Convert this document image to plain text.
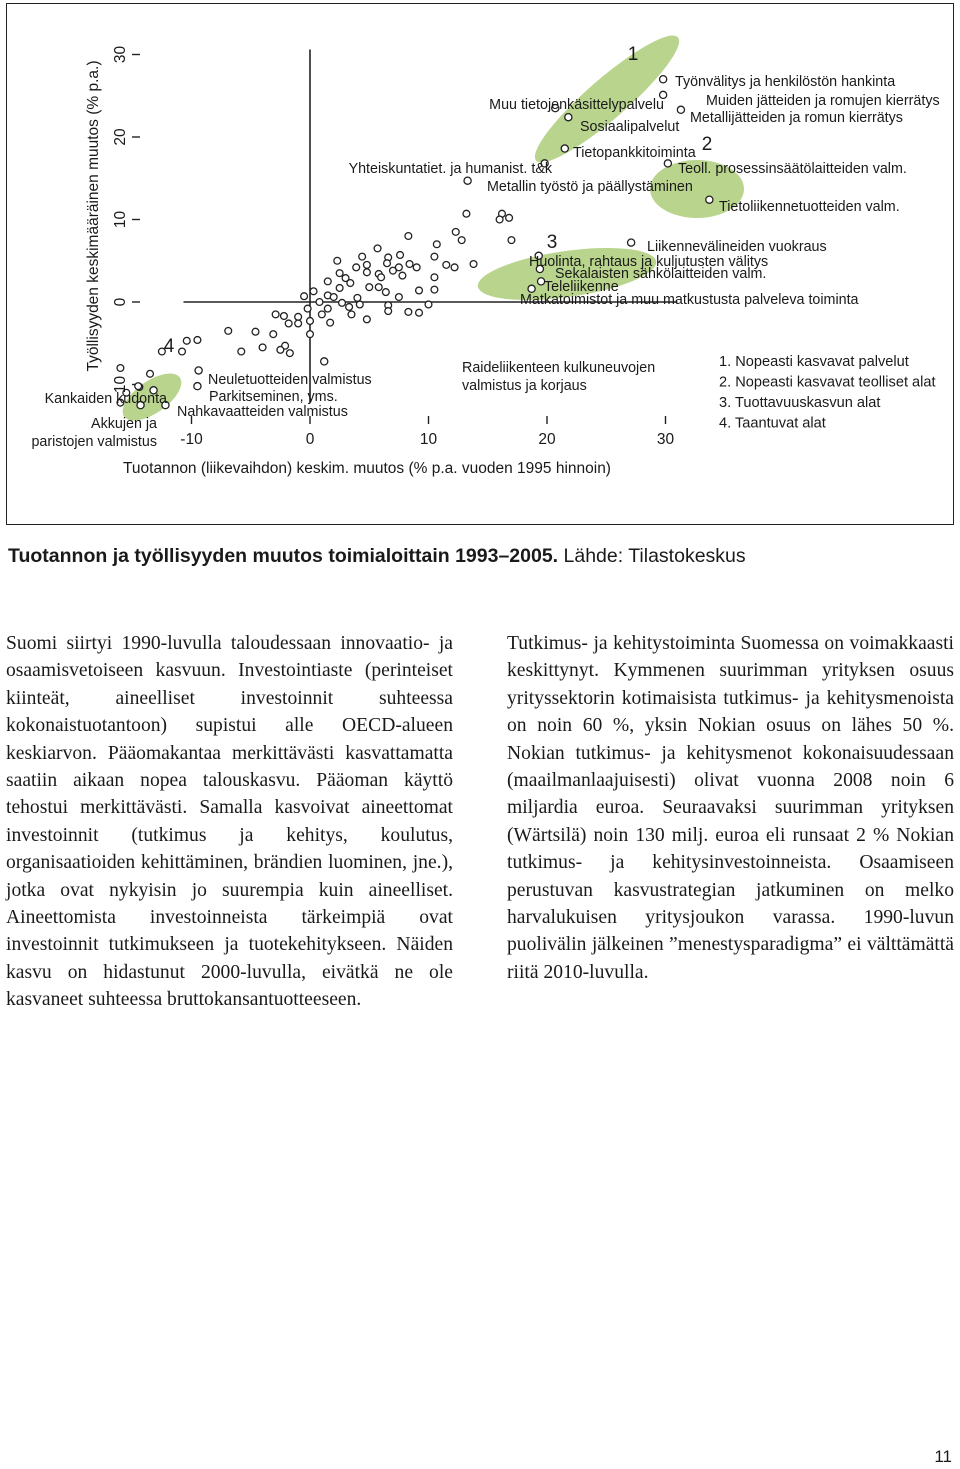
1
2
3
4
-10	0	10	20	30
10
0
10
20
30
Tuotannon (liikevaihdon) keskim. muutos (% p.a. vuoden 1995 hinnoin)
Työllisyyden keskimääräinen muutos (% p.a.)	Työnvälitys ja henkilöstön hankinta
Muiden jätteiden ja romujen kierrätys
Metallijätteiden ja romun kierrätys
Muu tietojenkäsittelypalvelu
Sosiaalipalvelut
Tietopankkitoiminta
Yhteiskuntatiet. ja humanist. t&k	Teoll. prosessinsäätölaitteiden valm.
Metallin työstö ja päällystäminen
Tietoliikennetuotteiden valm.
Liikennevälineiden vuokraus
Huolinta, rahtaus ja kuljutusten välitys
Sekalaisten sähkölaitteiden valm.
Teleliikenne
Matkatoimistot ja muu matkustusta palveleva toiminta
Raideliikenteen kulkuneuvojen
valmistus ja korjaus
Neuletuotteiden valmistus
Parkitseminen, yms.
Kankaiden kudonta
Nahkavaatteiden valmistus
Akkujen ja
paristojen valmistus
1. Nopeasti kasvavat palvelut
2. Nopeasti kasvavat teolliset alat
3. Tuottavuuskasvun alat
4. Taantuvat alat
Tuotannon ja työllisyyden muutos toimialoittain 1993–2005. Lähde: Tilastokeskus

Suomi siirtyi 1990-luvulla taloudessaan innovaatio- ja osaamisvetoiseen kasvuun. Investointiaste (perinteiset kiinteät, aineelliset investoinnit suhteessa kokonaistuotantoon) supistui alle OECD-alueen keskiarvon. Pääomakantaa merkittävästi kasvattamatta saatiin aikaan nopea talouskasvu. Pääoman käyttö tehostui merkittävästi. Samalla kasvoivat aineettomat investoinnit (tutkimus ja kehitys, koulutus, organisaatioiden kehittäminen, brändien luominen, jne.), jotka ovat nykyisin jo suurempia kuin aineelliset. Aineettomista investoinneista tärkeimpiä ovat investoinnit tutkimukseen ja tuotekehitykseen. Näiden kasvu on hidastunut 2000-luvulla, eivätkä ne ole kasvaneet suhteessa bruttokansantuotteeseen.

Tutkimus- ja kehitystoiminta Suomessa on voimakkaasti keskittynyt. Kymmenen suurimman yrityksen osuus yrityssektorin kotimaisista tutkimus- ja kehitysmenoista on noin 60 %, yksin Nokian osuus on lähes 50 %. Nokian tutkimus- ja kehitysmenot kokonaisuudessaan (maailmanlaajuisesti) olivat vuonna 2008 noin 6 miljardia euroa. Seuraavaksi suurimman yrityksen (Wärtsilä) noin 130 milj. euroa eli runsaat 2 % Nokian tutkimus- ja kehitysinvestoinneista. Osaamiseen perustuvan kasvustrategian jatkuminen on melko harvalukuisen yritysjoukon varassa. 1990-luvun puolivälin jälkeinen ”menestysparadigma” ei välttämättä riitä 2010-luvulla.

11
